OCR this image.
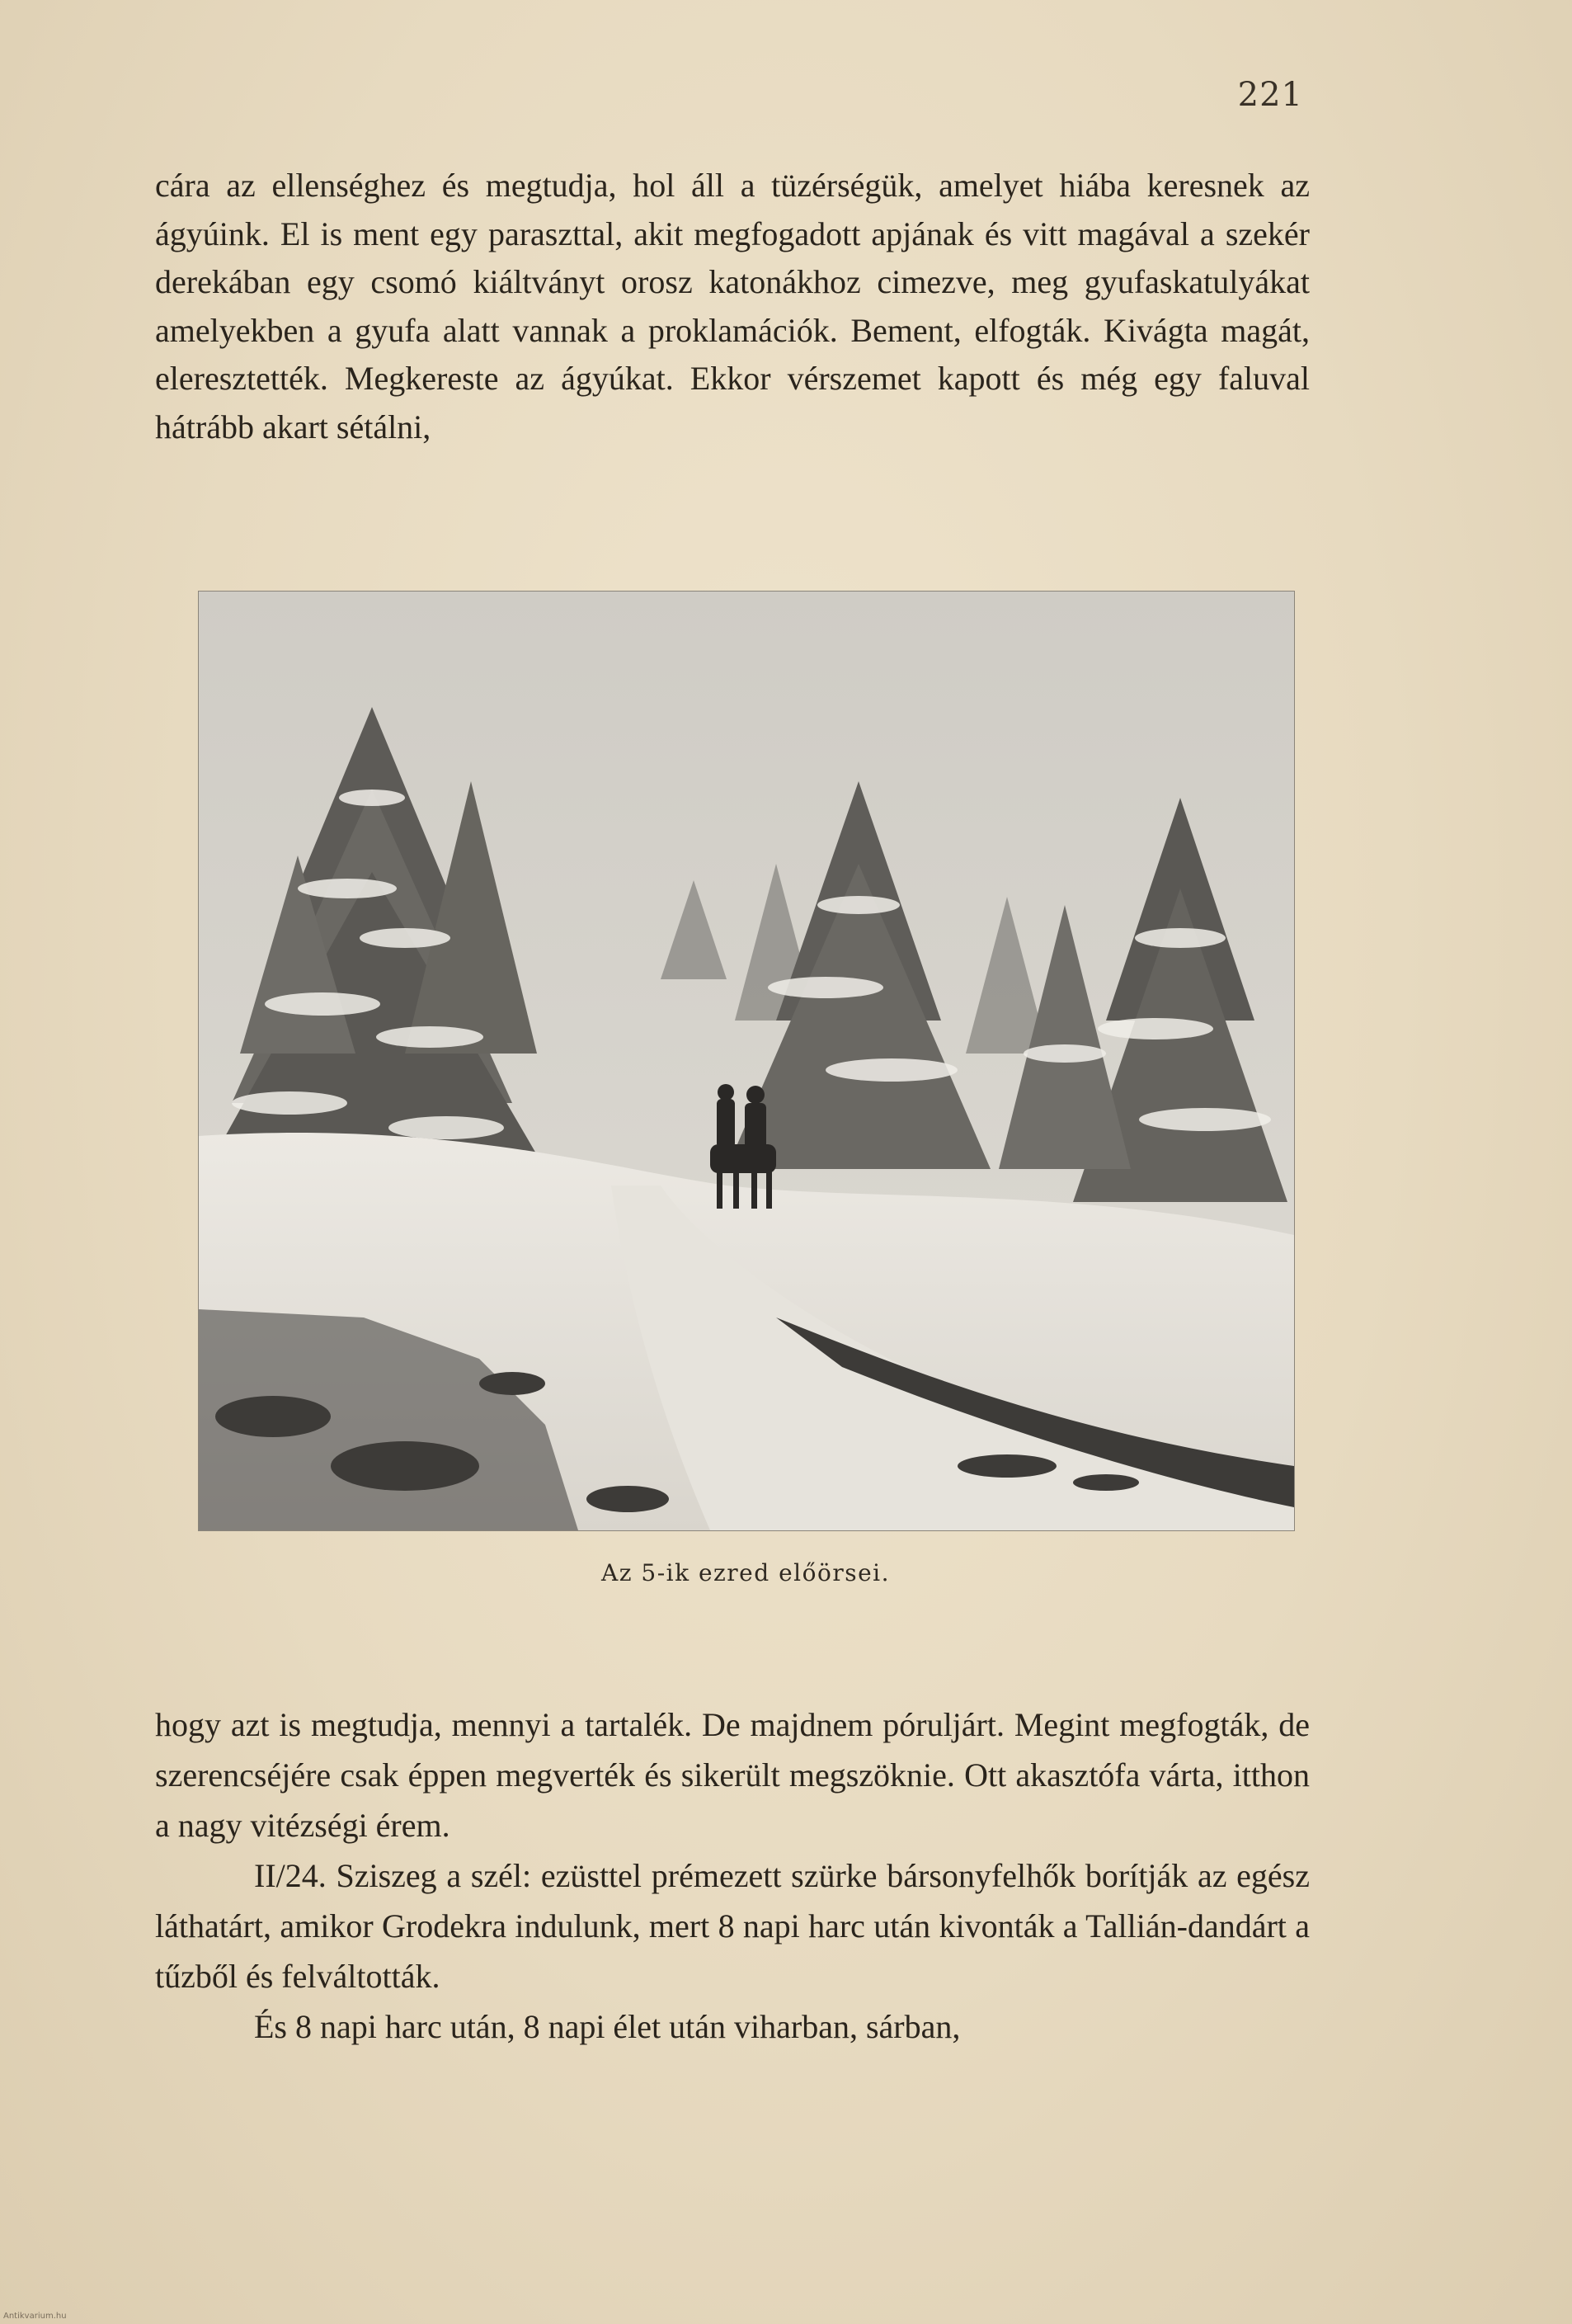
221

cára az ellenséghez és megtudja, hol áll a tüzérségük, amelyet hiába keresnek az ágyúink. El is ment egy paraszttal, akit megfogadott apjának és vitt magával a szekér derekában egy csomó kiáltványt orosz katonákhoz cimezve, meg gyufaskatulyákat amelyekben a gyufa alatt vannak a proklamációk. Bement, elfogták. Kivágta magát, eleresztették. Megkereste az ágyúkat. Ekkor vérszemet kapott és még egy faluval hátrább akart sétálni,

Az 5-ik ezred előörsei.

hogy azt is megtudja, mennyi a tartalék. De majdnem póruljárt. Megint megfogták, de szerencséjére csak éppen megverték és sikerült megszöknie. Ott akasztófa várta, itthon a nagy vitézségi érem.

II/24. Sziszeg a szél: ezüsttel prémezett szürke bársonyfelhők borítják az egész láthatárt, amikor Grodekra indulunk, mert 8 napi harc után kivonták a Tallián-dandárt a tűzből és felváltották.

És 8 napi harc után, 8 napi élet után viharban, sárban,

Antikvarium.hu
